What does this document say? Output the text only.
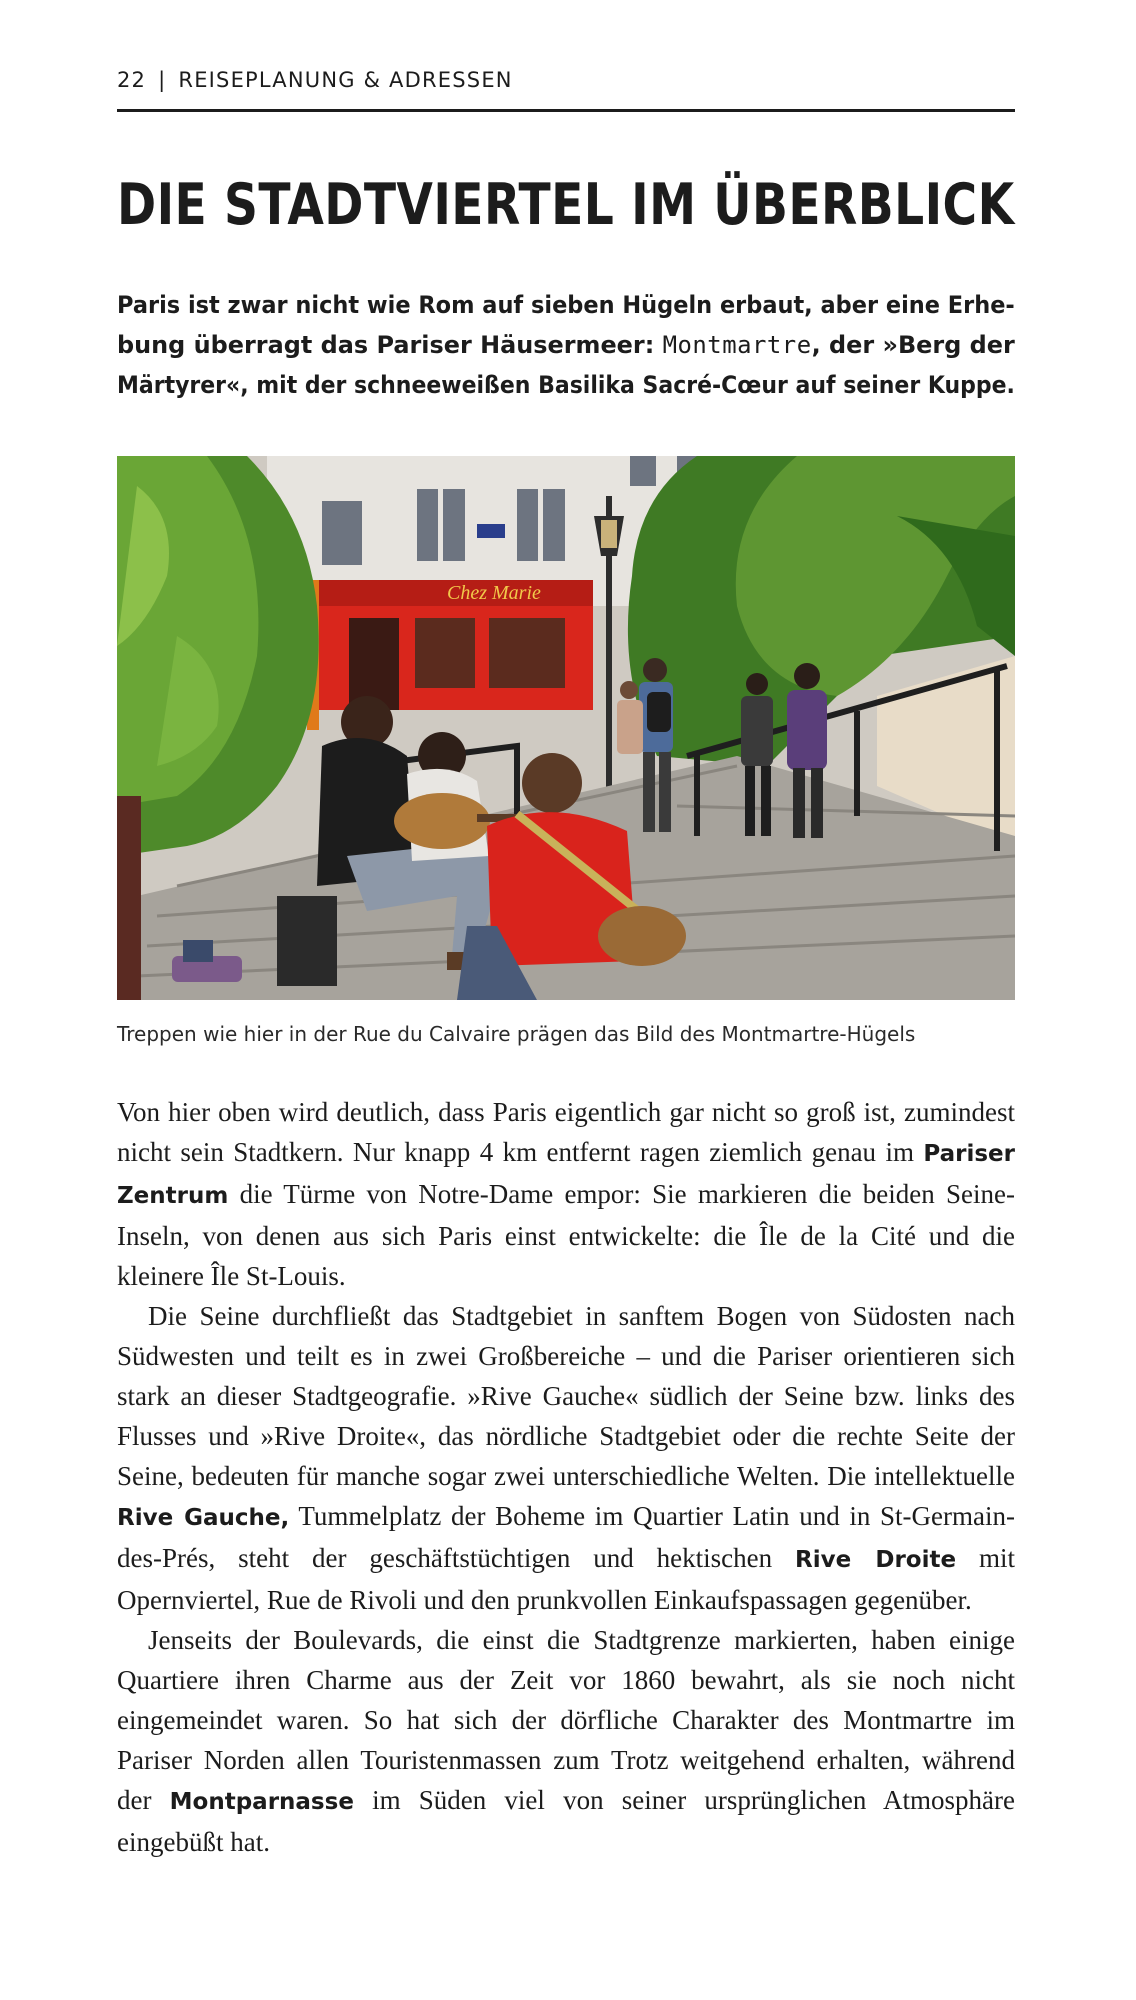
22 | REISEPLANUNG & ADRESSEN
DIE STADTVIERTEL IM ÜBERBLICK

Paris ist zwar nicht wie Rom auf sieben Hügeln erbaut, aber eine Erhe-
bung überragt das Pariser Häusermeer: Montmartre, der »Berg der
Märtyrer«, mit der schneeweißen Basilika Sacré-Cœur auf seiner Kuppe.

Chez Marie

Treppen wie hier in der Rue du Calvaire prägen das Bild des Montmartre-Hügels

Von hier oben wird deutlich, dass Paris eigentlich gar nicht so groß ist, zumindest nicht sein Stadtkern. Nur knapp 4 km entfernt ragen ziemlich genau im Pariser Zentrum die Türme von Notre-Dame empor: Sie markieren die beiden Seine-Inseln, von denen aus sich Paris einst entwickelte: die Île de la Cité und die kleinere Île St-Louis.

Die Seine durchfließt das Stadtgebiet in sanftem Bogen von Südosten nach Südwesten und teilt es in zwei Großbereiche – und die Pariser orientieren sich stark an dieser Stadtgeografie. »Rive Gauche« südlich der Seine bzw. links des Flusses und »Rive Droite«, das nördliche Stadtgebiet oder die rechte Seite der Seine, bedeuten für manche sogar zwei unterschiedliche Welten. Die intellektuelle Rive Gauche, Tummelplatz der Boheme im Quartier Latin und in St-Germain-des-Prés, steht der geschäftstüchtigen und hektischen Rive Droite mit Opernviertel, Rue de Rivoli und den prunkvollen Einkaufspassagen gegenüber.

Jenseits der Boulevards, die einst die Stadtgrenze markierten, haben einige Quartiere ihren Charme aus der Zeit vor 1860 bewahrt, als sie noch nicht eingemeindet waren. So hat sich der dörfliche Charakter des Montmartre im Pariser Norden allen Touristenmassen zum Trotz weitgehend erhalten, während der Montparnasse im Süden viel von seiner ursprünglichen Atmosphäre eingebüßt hat.
